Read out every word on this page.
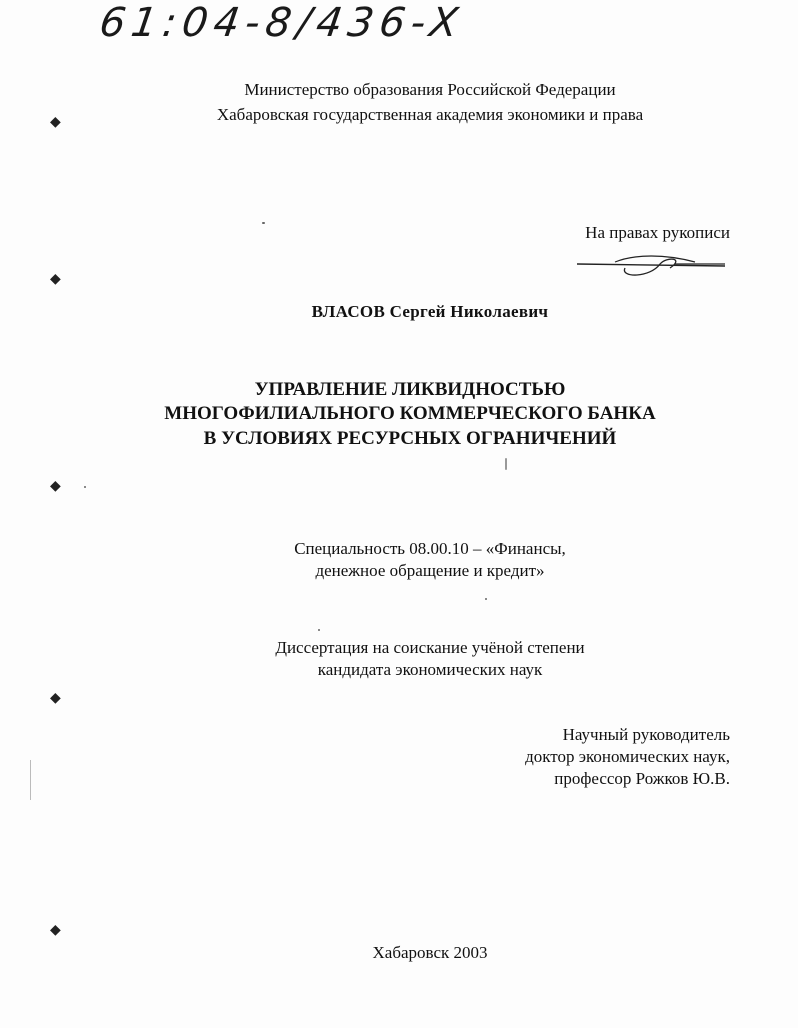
61:04-8/436-X
Министерство образования Российской Федерации
Хабаровская государственная академия экономики и права
На правах рукописи
ВЛАСОВ Сергей Николаевич
УПРАВЛЕНИЕ ЛИКВИДНОСТЬЮ
МНОГОФИЛИАЛЬНОГО КОММЕРЧЕСКОГО БАНКА
В УСЛОВИЯХ РЕСУРСНЫХ ОГРАНИЧЕНИЙ
Специальность 08.00.10 – «Финансы,
денежное обращение и кредит»
Диссертация на соискание учёной степени
кандидата экономических наук
Научный руководитель
доктор экономических наук,
профессор Рожков Ю.В.
Хабаровск 2003
◆
◆
◆
◆
◆
